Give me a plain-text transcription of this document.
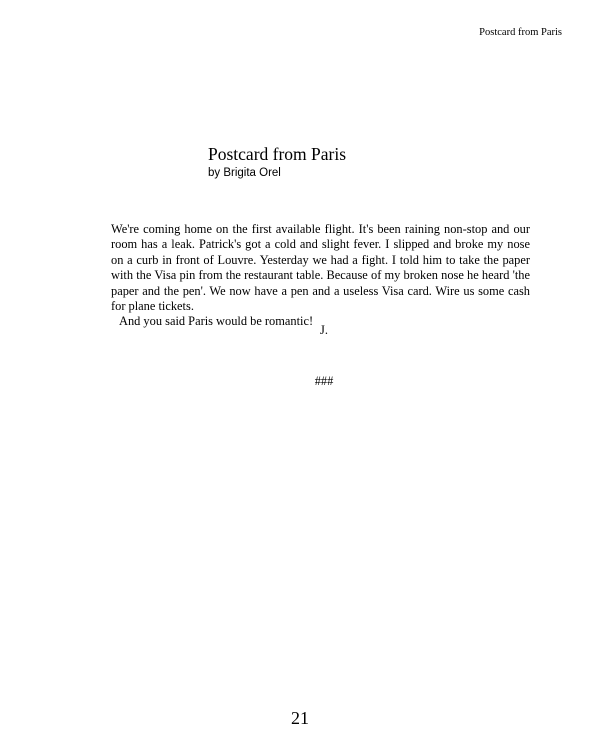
Postcard from Paris
Postcard from Paris
by Brigita Orel

We're coming home on the first available flight. It's been raining non-stop and our room has a leak. Patrick's got a cold and slight fever. I slipped and broke my nose on a curb in front of Louvre. Yesterday we had a fight. I told him to take the paper with the Visa pin from the restaurant table. Because of my broken nose he heard 'the paper and the pen'. We now have a pen and a useless Visa card. Wire us some cash for plane tickets.

And you said Paris would be romantic!

J.
###
21
